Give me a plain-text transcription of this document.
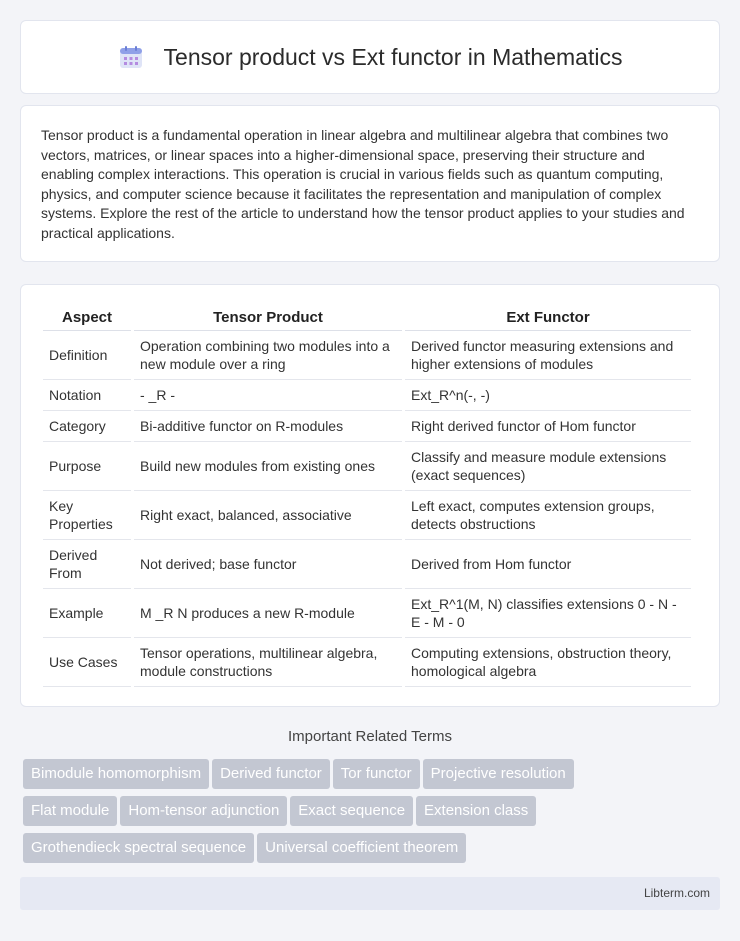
Tensor product vs Ext functor in Mathematics

Tensor product is a fundamental operation in linear algebra and multilinear algebra that combines two vectors, matrices, or linear spaces into a higher-dimensional space, preserving their structure and enabling complex interactions. This operation is crucial in various fields such as quantum computing, physics, and computer science because it facilitates the representation and manipulation of complex systems. Explore the rest of the article to understand how the tensor product applies to your studies and practical applications.

Aspect	Tensor Product	Ext Functor
Definition	Operation combining two modules into a new module over a ring	Derived functor measuring extensions and higher extensions of modules
Notation	- _R -	Ext_R^n(-, -)
Category	Bi-additive functor on R-modules	Right derived functor of Hom functor
Purpose	Build new modules from existing ones	Classify and measure module extensions (exact sequences)
Key Properties	Right exact, balanced, associative	Left exact, computes extension groups, detects obstructions
Derived From	Not derived; base functor	Derived from Hom functor
Example	M _R N produces a new R-module	Ext_R^1(M, N) classifies extensions 0 - N - E - M - 0
Use Cases	Tensor operations, multilinear algebra, module constructions	Computing extensions, obstruction theory, homological algebra
Important Related Terms
Bimodule homomorphism Derived functor Tor functor Projective resolution
Flat module Hom-tensor adjunction Exact sequence Extension class
Grothendieck spectral sequence Universal coefficient theorem
Libterm.com
